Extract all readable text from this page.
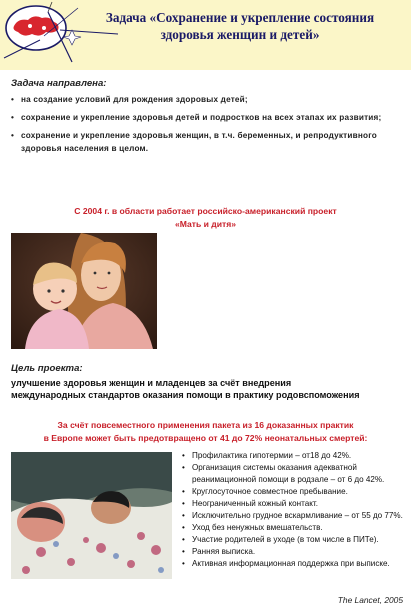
Задача «Сохранение и укрепление состояния
здоровья женщин и детей»
Задача направлена:
• на создание условий для рождения здоровых детей;
• сохранение и укрепление здоровья детей и подростков на всех этапах их развития;
• сохранение и укрепление здоровья женщин, в т.ч. беременных, и репродуктивного здоровья населения в целом.
С 2004 г. в области работает российско-американский проект
«Мать и дитя»
Цель проекта:
улучшение здоровья женщин и младенцев за счёт внедрения
международных стандартов оказания помощи в практику родовспоможения
За счёт повсеместного применения пакета из 16 доказанных практик
в Европе может быть предотвращено от 41 до 72% неонатальных смертей:
• Профилактика гипотермии – от18 до 42%.
• Организация системы оказания адекватной реанимационной помощи в родзале – от 6 до 42%.
• Круглосуточное совместное пребывание.
• Неограниченный кожный контакт.
• Исключительно грудное вскармливание – от 55 до 77%.
• Уход без ненужных вмешательств.
• Участие родителей в уходе (в том числе в ПИТе).
• Ранняя выписка.
• Активная информационная поддержка при выписке.
The Lancet, 2005
